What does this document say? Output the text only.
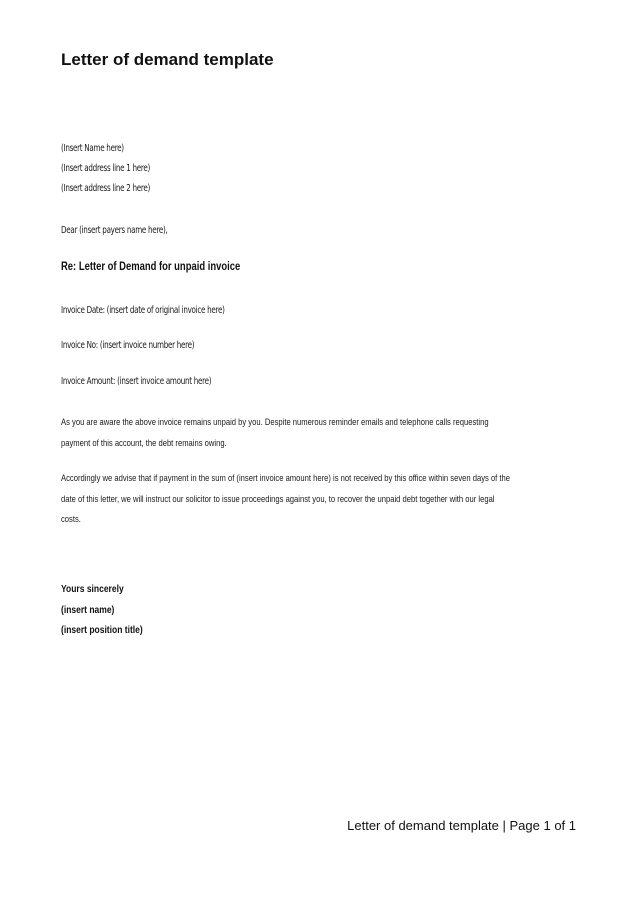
Letter of demand template
(Insert Name here)
(Insert address line 1 here)
(Insert address line 2 here)
Dear (insert payers name here),
Re: Letter of Demand for unpaid invoice
Invoice Date: (insert date of original invoice here)
Invoice No: (insert invoice number here)
Invoice Amount: (insert invoice amount here)
As you are aware the above invoice remains unpaid by you. Despite numerous reminder emails and telephone calls requesting
payment of this account, the debt remains owing.
Accordingly we advise that if payment in the sum of (insert invoice amount here) is not received by this office within seven days of the
date of this letter, we will instruct our solicitor to issue proceedings against you, to recover the unpaid debt together with our legal
costs.
Yours sincerely
(insert name)
(insert position title)
Letter of demand template | Page 1 of 1
